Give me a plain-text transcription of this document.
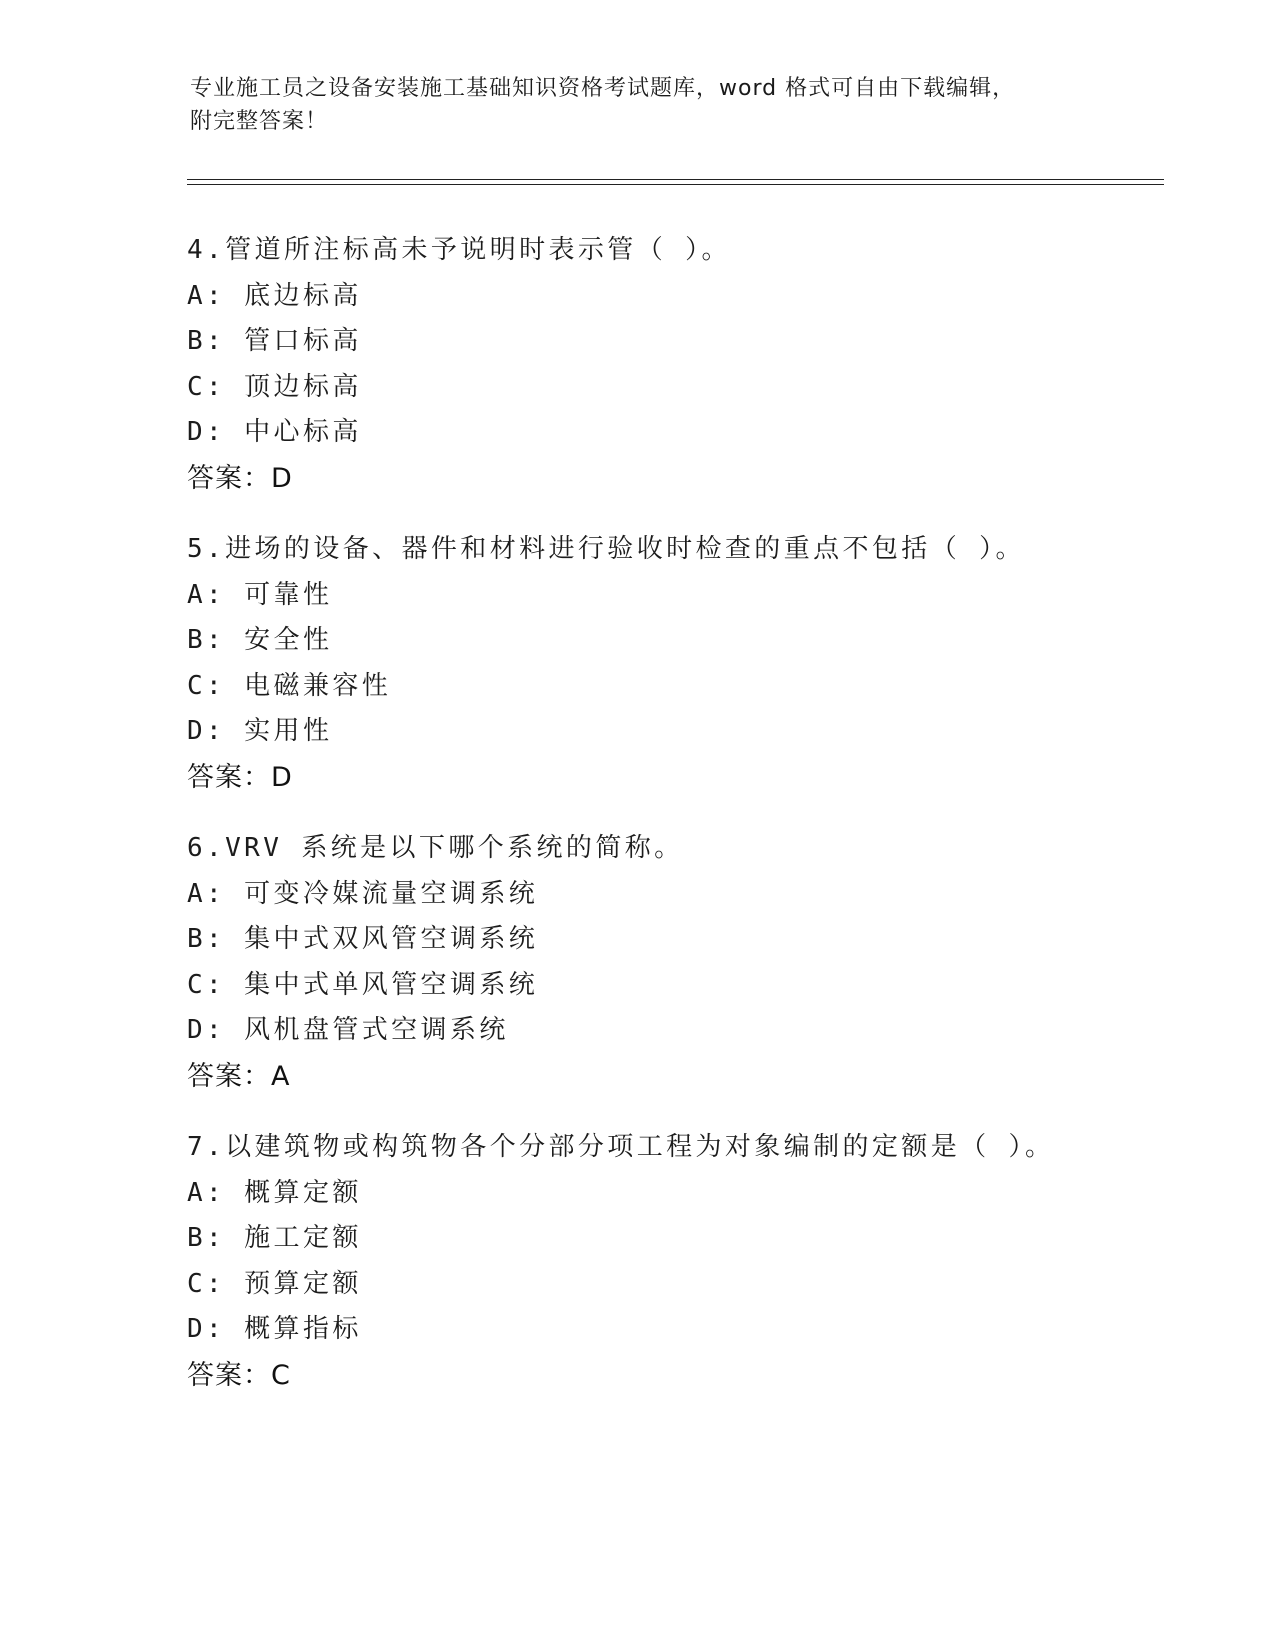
专业施工员之设备安装施工基础知识资格考试题库，word 格式可自由下载编辑，
附完整答案！
4.管道所注标高未予说明时表示管（ ）。
A: 底边标高
B: 管口标高
C: 顶边标高
D: 中心标高
答案：D
5.进场的设备、器件和材料进行验收时检查的重点不包括（ ）。
A: 可靠性
B: 安全性
C: 电磁兼容性
D: 实用性
答案：D
6.VRV 系统是以下哪个系统的简称。
A: 可变冷媒流量空调系统
B: 集中式双风管空调系统
C: 集中式单风管空调系统
D: 风机盘管式空调系统
答案：A
7.以建筑物或构筑物各个分部分项工程为对象编制的定额是（ ）。
A: 概算定额
B: 施工定额
C: 预算定额
D: 概算指标
答案：C
